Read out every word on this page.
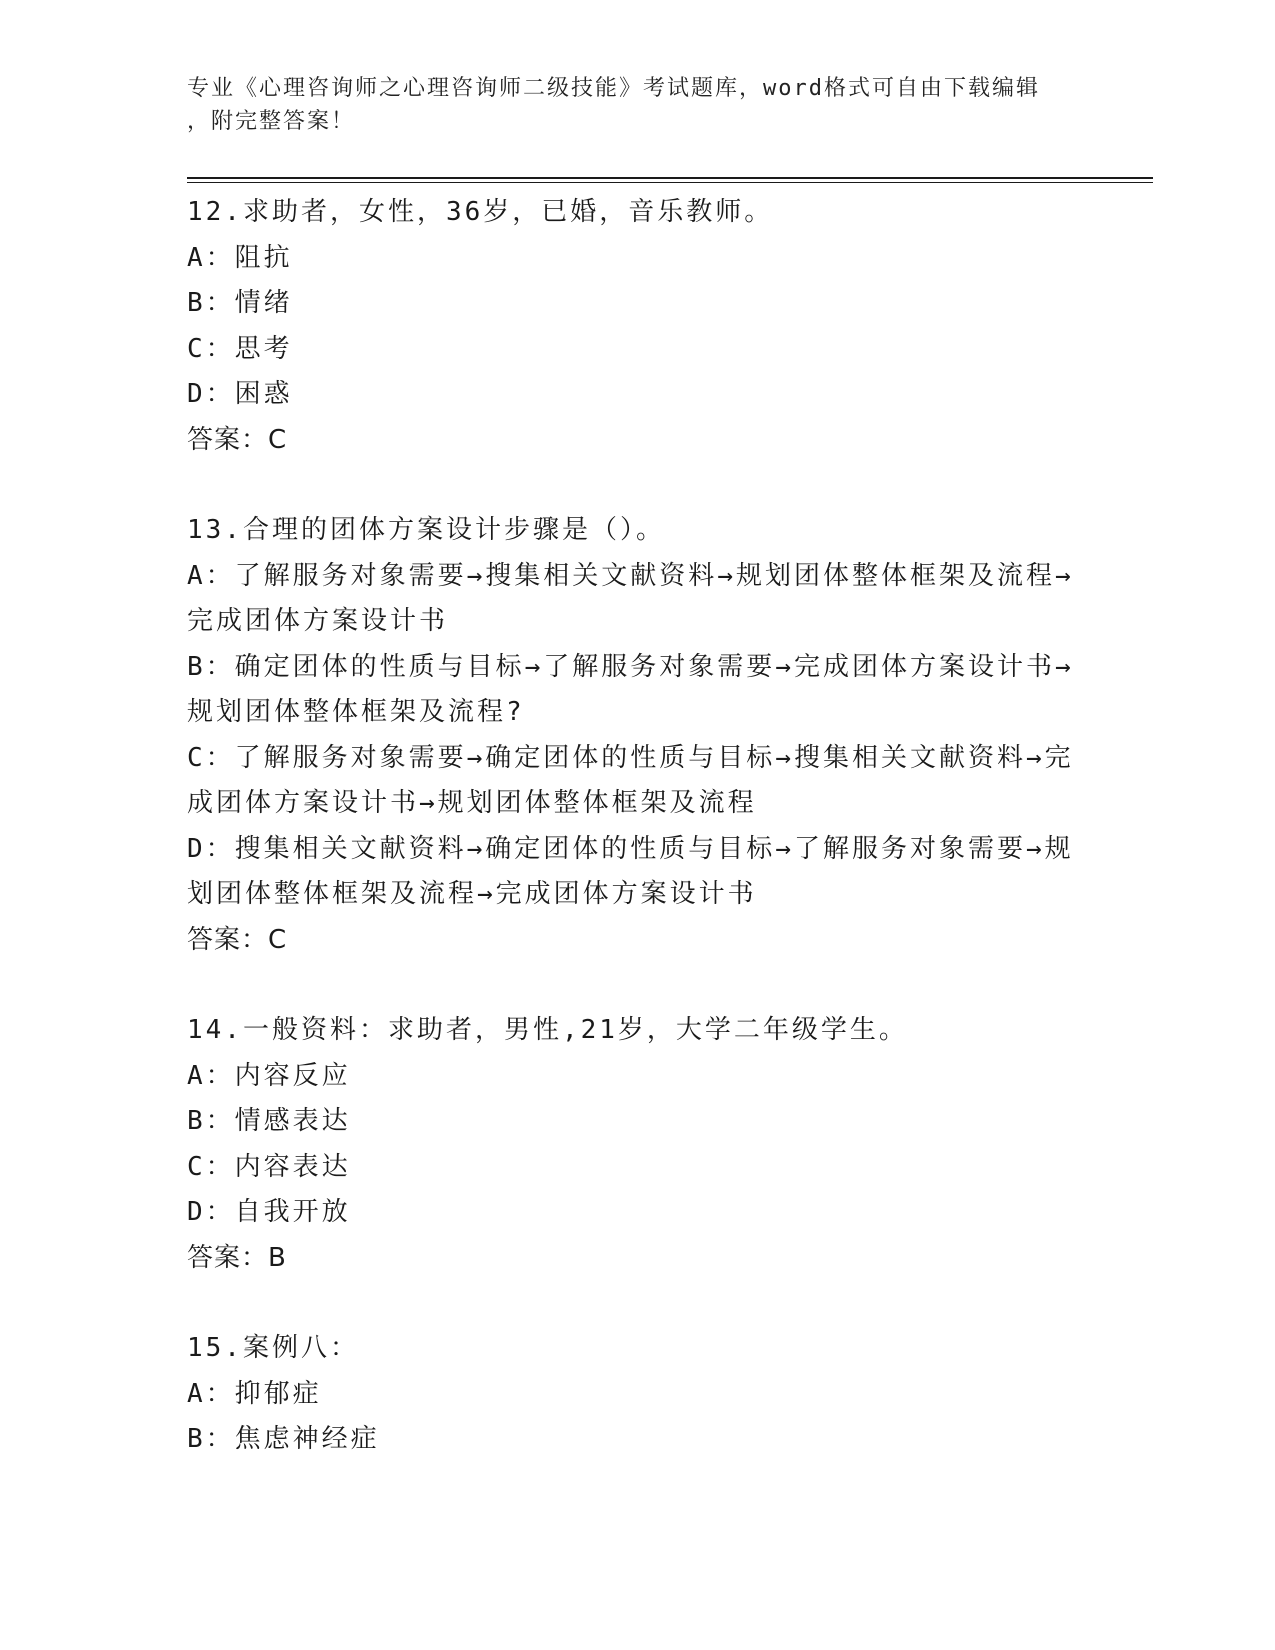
专业《心理咨询师之心理咨询师二级技能》考试题库，word格式可自由下载编辑
，附完整答案！
12.求助者，女性，36岁，已婚，音乐教师。
A：阻抗
B：情绪
C：思考
D：困惑
答案：C
13.合理的团体方案设计步骤是（）。
A：了解服务对象需要→搜集相关文献资料→规划团体整体框架及流程→完成团体方案设计书
B：确定团体的性质与目标→了解服务对象需要→完成团体方案设计书→规划团体整体框架及流程?
C：了解服务对象需要→确定团体的性质与目标→搜集相关文献资料→完成团体方案设计书→规划团体整体框架及流程
D：搜集相关文献资料→确定团体的性质与目标→了解服务对象需要→规划团体整体框架及流程→完成团体方案设计书
答案：C
14.一般资料：求助者，男性,21岁，大学二年级学生。
A：内容反应
B：情感表达
C：内容表达
D：自我开放
答案：B
15.案例八：
A：抑郁症
B：焦虑神经症
